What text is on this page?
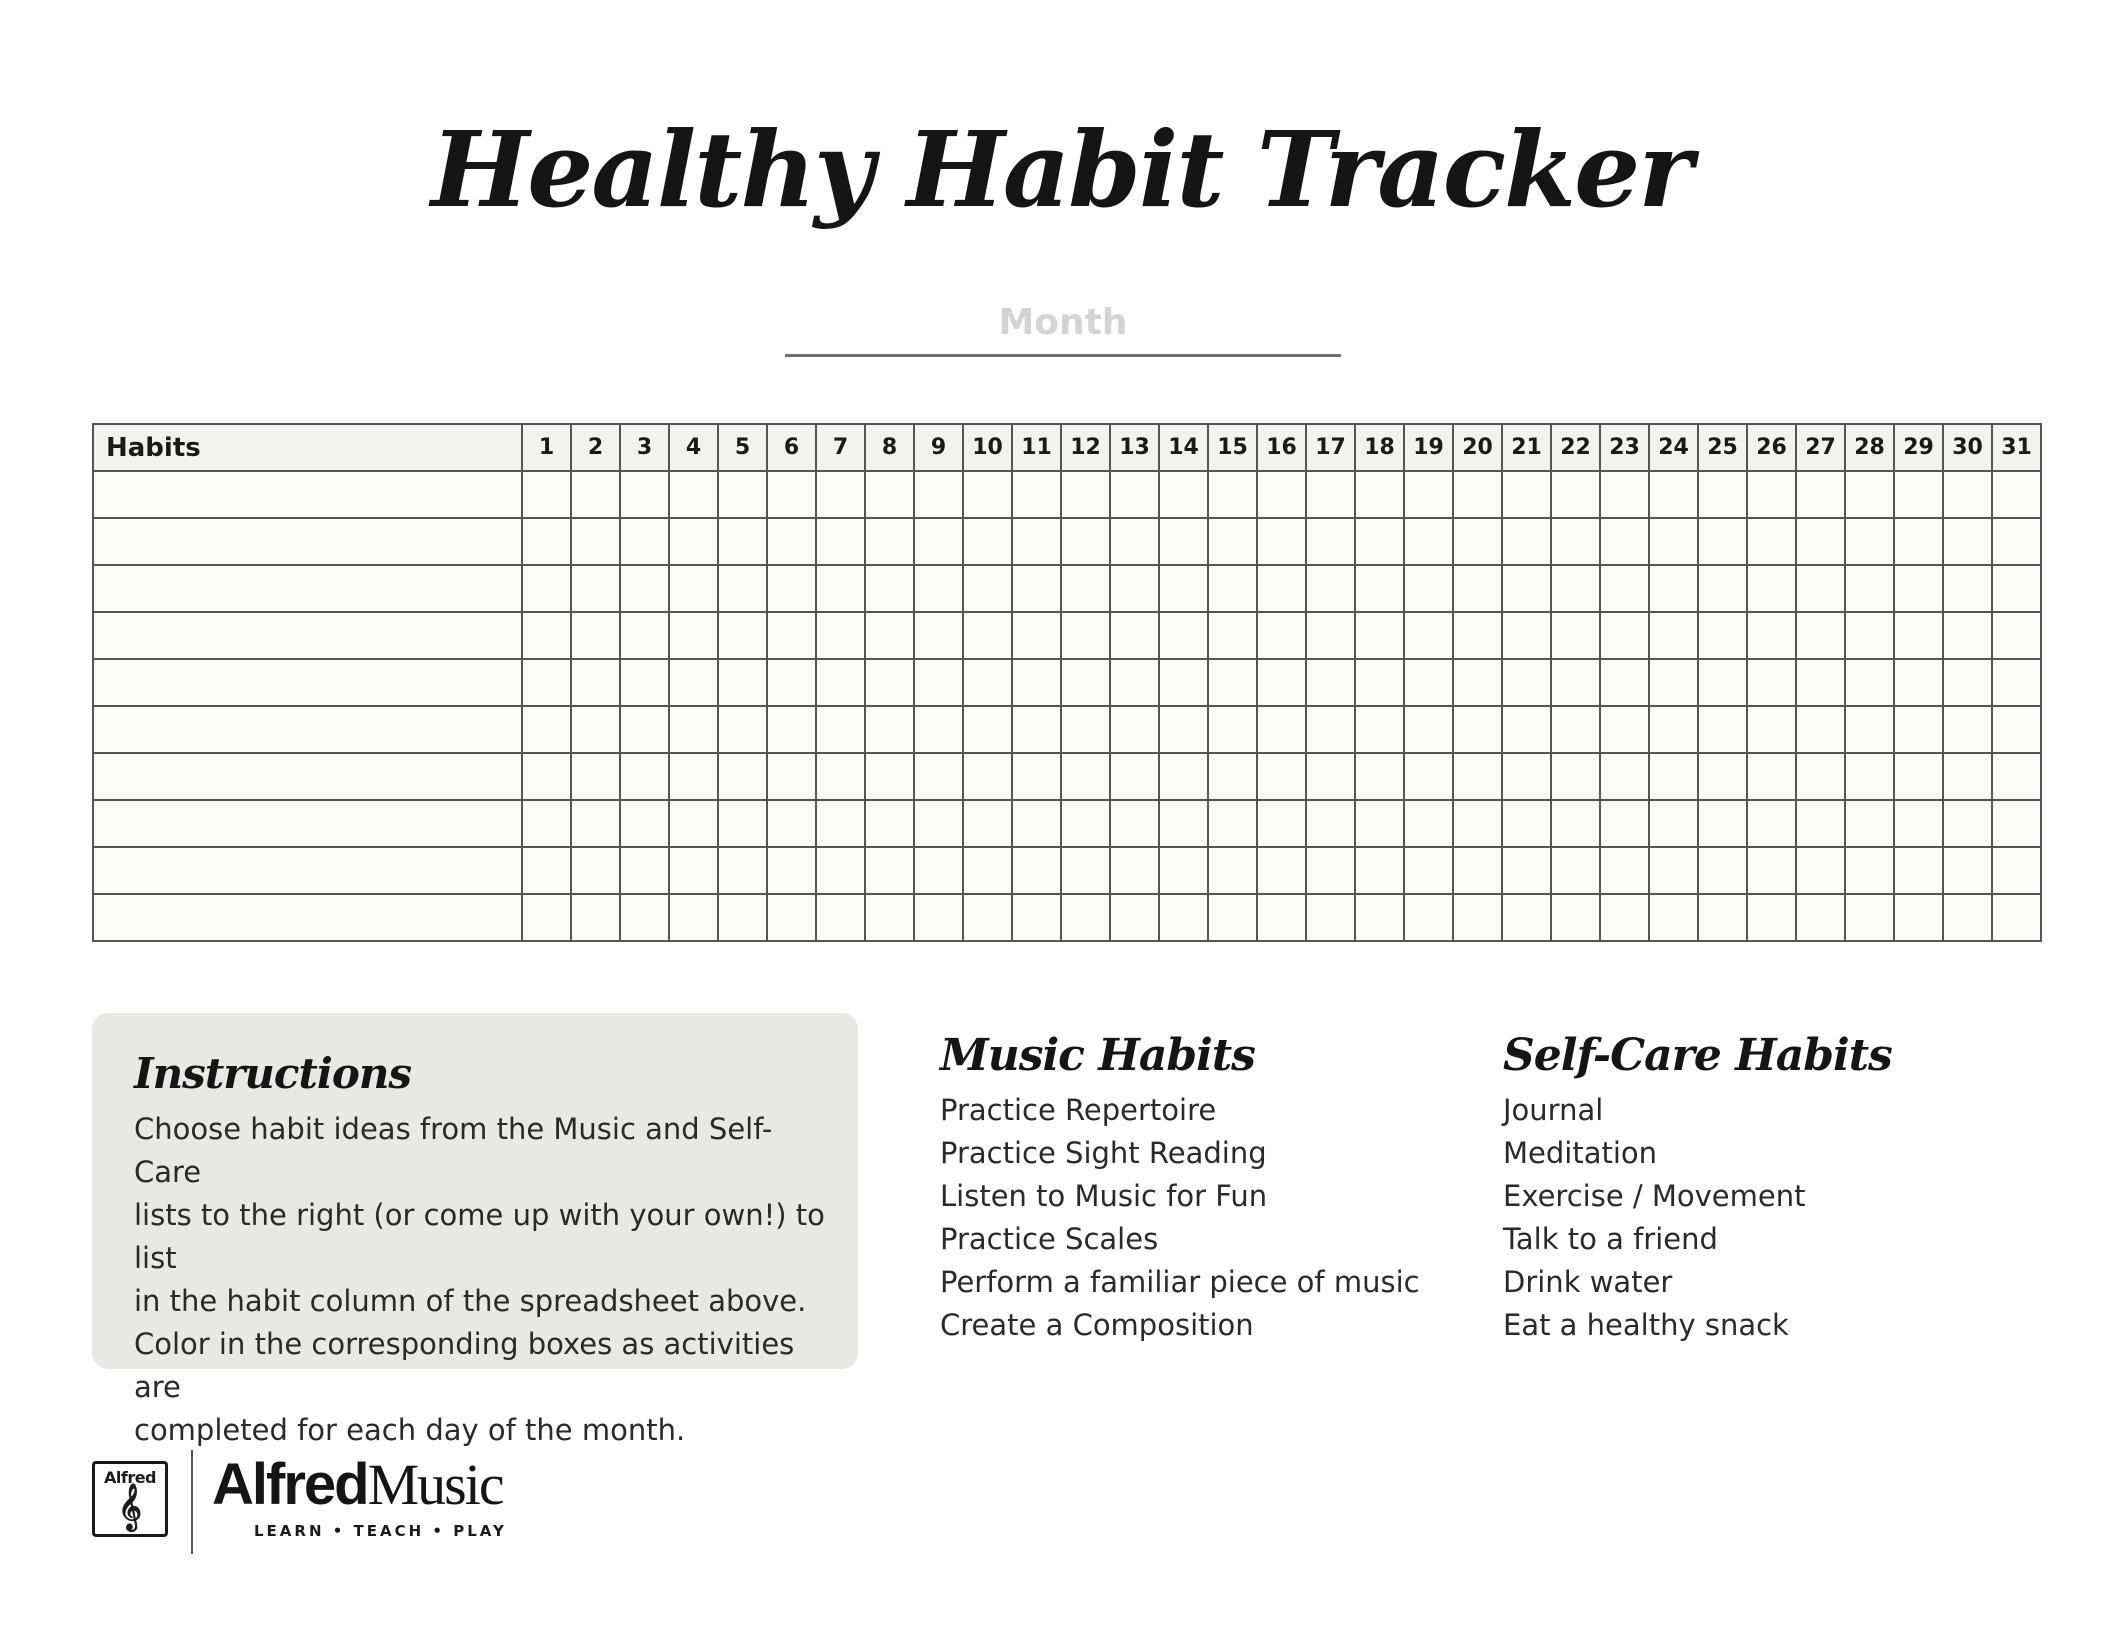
Healthy Habit Tracker
Month
Habits	1	2	3	4	5	6	7	8	9	10	11	12	13	14	15	16	17	18	19	20	21	22	23	24	25	26	27	28	29	30	31

Instructions
Choose habit ideas from the Music and Self-Care
lists to the right (or come up with your own!) to list
in the habit column of the spreadsheet above.
Color in the corresponding boxes as activities are
completed for each day of the month.
Music Habits
Practice Repertoire
Practice Sight Reading
Listen to Music for Fun
Practice Scales
Perform a familiar piece of music
Create a Composition
Self-Care Habits
Journal
Meditation
Exercise / Movement
Talk to a friend
Drink water
Eat a healthy snack
Alfred
𝄞	AlfredMusic
LEARN • TEACH • PLAY
